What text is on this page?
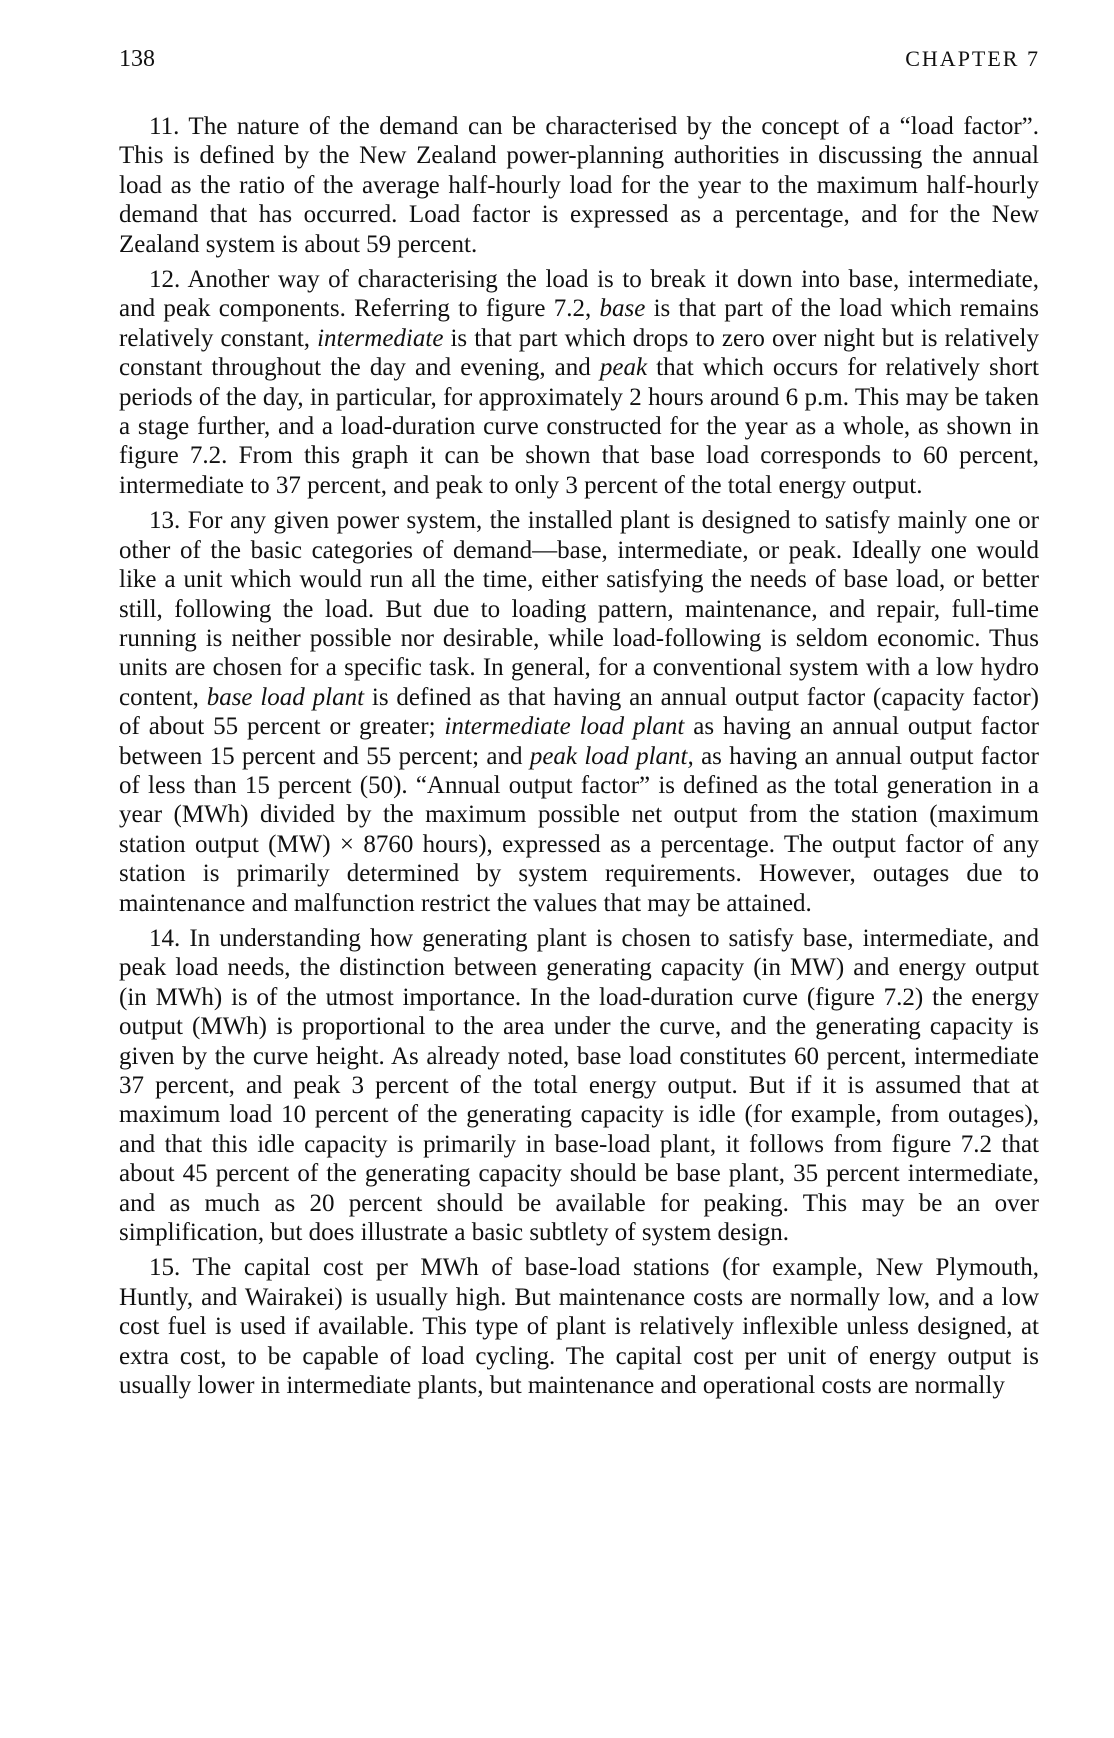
138	CHAPTER 7

11. The nature of the demand can be characterised by the concept of a “load factor”. This is defined by the New Zealand power-planning authorities in discussing the annual load as the ratio of the average half-hourly load for the year to the maximum half-hourly demand that has occurred. Load factor is expressed as a percentage, and for the New Zealand system is about 59 percent.

12. Another way of characterising the load is to break it down into base, intermediate, and peak components. Referring to figure 7.2, base is that part of the load which remains relatively constant, intermediate is that part which drops to zero over night but is relatively constant throughout the day and evening, and peak that which occurs for relatively short periods of the day, in particular, for approximately 2 hours around 6 p.m. This may be taken a stage further, and a load-duration curve constructed for the year as a whole, as shown in figure 7.2. From this graph it can be shown that base load corresponds to 60 percent, intermediate to 37 percent, and peak to only 3 percent of the total energy output.

13. For any given power system, the installed plant is designed to satisfy mainly one or other of the basic categories of demand—base, intermediate, or peak. Ideally one would like a unit which would run all the time, either satisfying the needs of base load, or better still, following the load. But due to loading pattern, maintenance, and repair, full-time running is neither possible nor desirable, while load-following is seldom economic. Thus units are chosen for a specific task. In general, for a conventional system with a low hydro content, base load plant is defined as that having an annual output factor (capacity factor) of about 55 percent or greater; intermediate load plant as having an annual output factor between 15 percent and 55 percent; and peak load plant, as having an annual output factor of less than 15 percent (50). “Annual output factor” is defined as the total generation in a year (MWh) divided by the maximum possible net output from the station (maximum station output (MW) × 8760 hours), expressed as a percentage. The output factor of any station is primarily determined by system requirements. However, outages due to maintenance and malfunction restrict the values that may be attained.

14. In understanding how generating plant is chosen to satisfy base, intermediate, and peak load needs, the distinction between generating capacity (in MW) and energy output (in MWh) is of the utmost importance. In the load-duration curve (figure 7.2) the energy output (MWh) is proportional to the area under the curve, and the generating capacity is given by the curve height. As already noted, base load constitutes 60 percent, intermediate 37 percent, and peak 3 percent of the total energy output. But if it is assumed that at maximum load 10 percent of the generating capacity is idle (for example, from outages), and that this idle capacity is primarily in base-load plant, it follows from figure 7.2 that about 45 percent of the generating capacity should be base plant, 35 percent intermediate, and as much as 20 percent should be available for peaking. This may be an over simplification, but does illustrate a basic subtlety of system design.

15. The capital cost per MWh of base-load stations (for example, New Plymouth, Huntly, and Wairakei) is usually high. But maintenance costs are normally low, and a low cost fuel is used if available. This type of plant is relatively inflexible unless designed, at extra cost, to be capable of load cycling. The capital cost per unit of energy output is usually lower in intermediate plants, but maintenance and operational costs are normally
